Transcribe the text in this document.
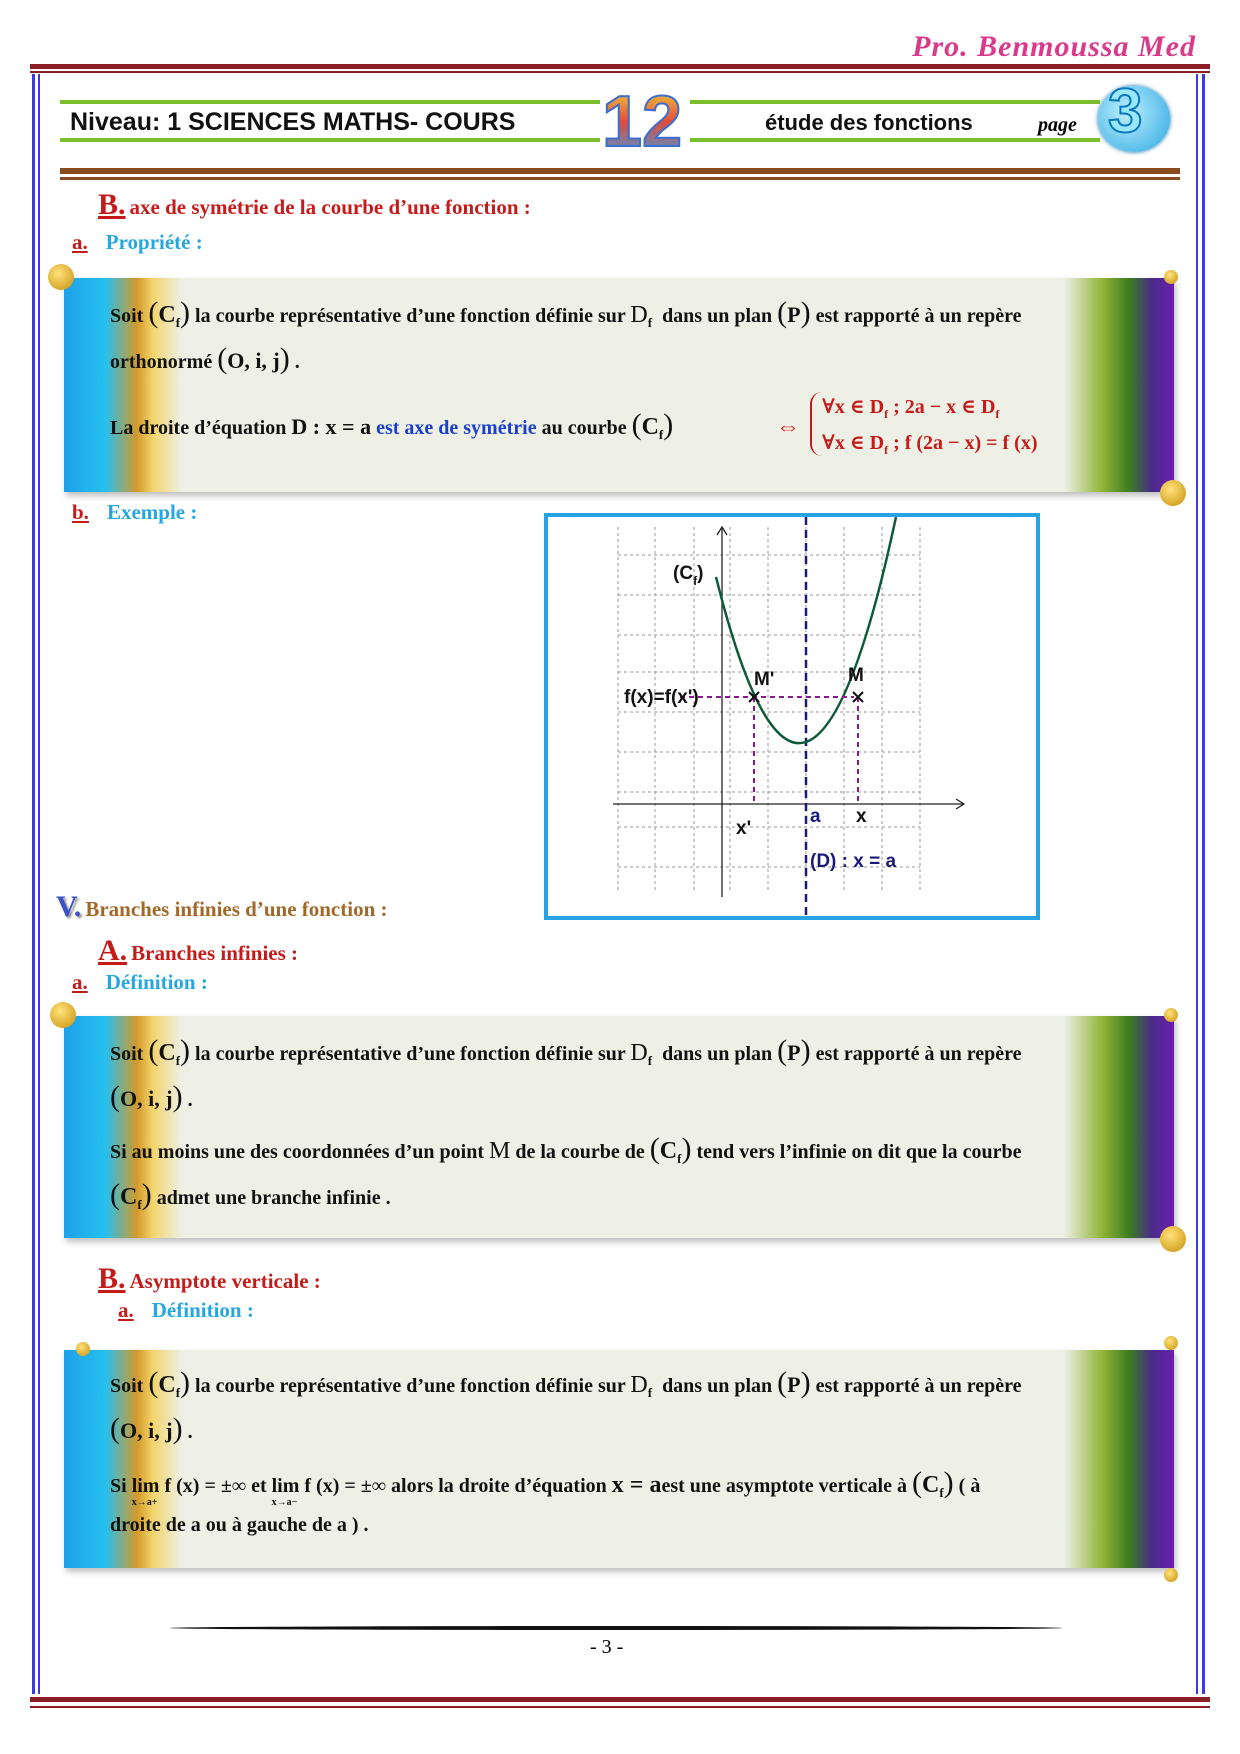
Pro. Benmoussa Med
Niveau: 1 SCIENCES MATHS- COURS 12	étude des fonctions	page 3
B. axe de symétrie de la courbe d’une fonction :
a. Propriété :
Soit $(C_f)$ la courbe représentative d’une fonction définie sur $D_f$ dans un plan (P) est rapporté à un repère
orthonormé (O, i, j) .
La droite d’équation D : x = a est axe de symétrie au courbe $(C_f)$	⇔
∀x ∈ $D_f$ ; 2a − x ∈ $D_f$
∀x ∈ $D_f$ ; f (2a − x) = f (x)
b. Exemple :
$(C_f)$
f(x)=f(x')
M'	M
x'
a x
(D) : x = a
V. Branches infinies d’une fonction :
A. Branches infinies :
a. Définition :
Soit $(C_f)$ la courbe représentative d’une fonction définie sur $D_f$ dans un plan (P) est rapporté à un repère
(O, i, j) .
Si au moins une des coordonnées d’un point M de la courbe de $(C_f)$ tend vers l’infinie on dit que la courbe
$(C_f)$ admet une branche infinie .
B. Asymptote verticale :
a. Définition :
Soit $(C_f)$ la courbe représentative d’une fonction définie sur $D_f$ dans un plan (P) est rapporté à un repère
(O, i, j) .
Si lim f (x) = ±∞
x→a+
et lim f (x) = ±∞
x→a−
alors la droite d’équation x = aest une asymptote verticale à $(C_f)$ ( à
droite de a ou à gauche de a ) .
- 3 -
